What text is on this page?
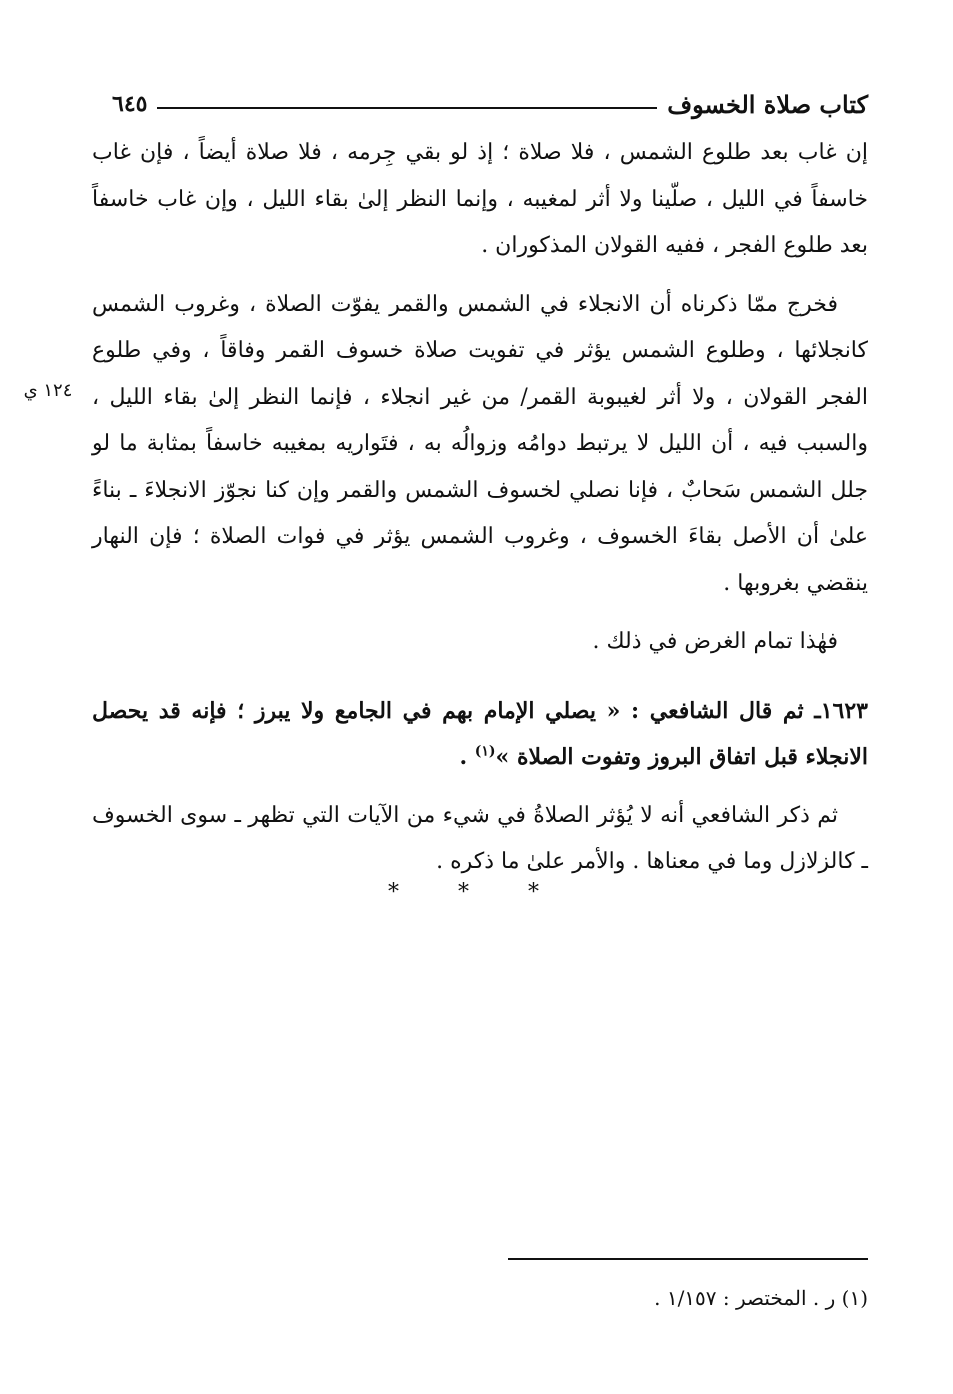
كتاب صلاة الخسوف
٦٤٥
١٢٤ ي

إن غاب بعد طلوع الشمس ، فلا صلاة ؛ إذ لو بقي جِرمه ، فلا صلاة أيضاً ، فإن غاب خاسفاً في الليل ، صلّينا ولا أثر لمغيبه ، وإنما النظر إلىٰ بقاء الليل ، وإن غاب خاسفاً بعد طلوع الفجر ، ففيه القولان المذكوران .

فخرج ممّا ذكرناه أن الانجلاء في الشمس والقمر يفوّت الصلاة ، وغروب الشمس كانجلائها ، وطلوع الشمس يؤثر في تفويت صلاة خسوف القمر وفاقاً ، وفي طلوع الفجر القولان ، ولا أثر لغيبوبة القمر/ من غير انجلاء ، فإنما النظر إلىٰ بقاء الليل ، والسبب فيه ، أن الليل لا يرتبط دوامُه وزوالُه به ، فتَواريه بمغيبه خاسفاً بمثابة ما لو جلل الشمس سَحابٌ ، فإنا نصلي لخسوف الشمس والقمر وإن كنا نجوّز الانجلاءَ ـ بناءً علىٰ أن الأصل بقاءَ الخسوف ، وغروب الشمس يؤثر في فوات الصلاة ؛ فإن النهار ينقضي بغروبها .

فهٰذا تمام الغرض في ذلك .

١٦٢٣ـ ثم قال الشافعي : « يصلي الإمام بهم في الجامع ولا يبرز ؛ فإنه قد يحصل الانجلاء قبل اتفاق البروز وتفوت الصلاة »$^{(١)}$ .

ثم ذكر الشافعي أنه لا يُؤثر الصلاةُ في شيء من الآيات التي تظهر ـ سوى الخسوف ـ كالزلازل وما في معناها . والأمر علىٰ ما ذكره .

* * *
(١) ر . المختصر : ١/١٥٧ .
